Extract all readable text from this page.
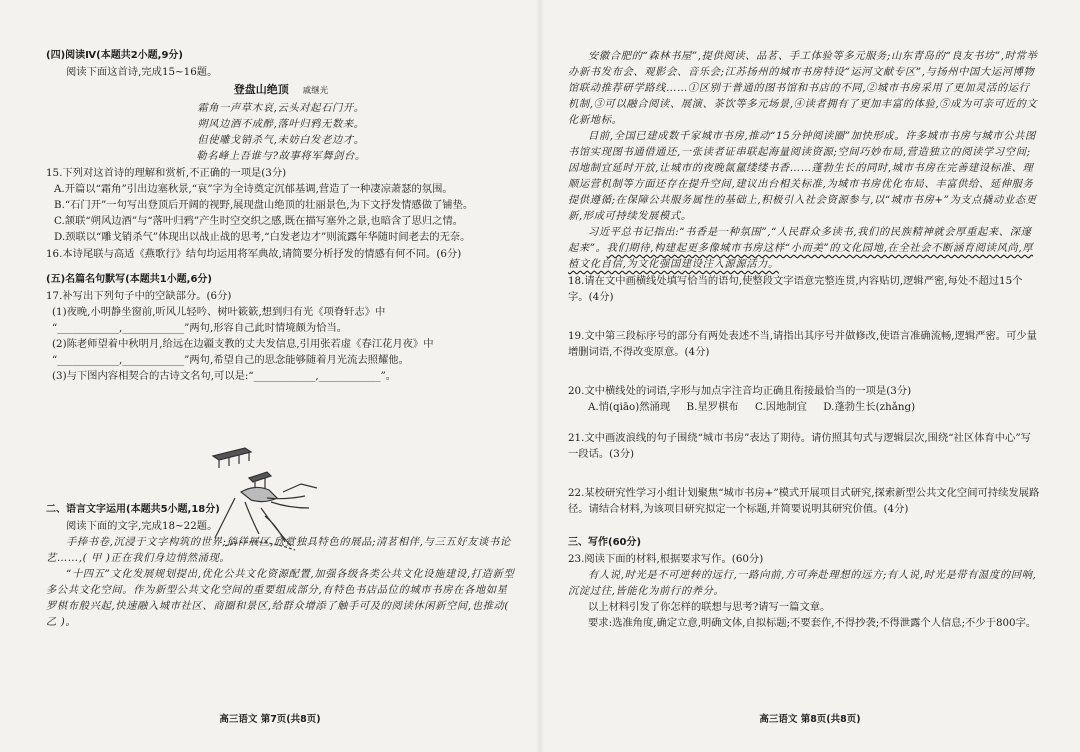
(四)阅读Ⅳ(本题共2小题,9分)

阅读下面这首诗,完成15~16题。

登盘山绝顶 戚继光
霜角一声草木哀,云头对起石门开。
朔风边酒不成醉,落叶归鸦无数来。
但使雕戈销杀气,未妨白发老边才。
勒名峰上吾谁与?故事将军舞剑台。

15.下列对这首诗的理解和赏析,不正确的一项是(3分)

A.开篇以“霜角”引出边塞秋景,“哀”字为全诗奠定沉郁基调,营造了一种凄凉萧瑟的氛围。

B.“石门开”一句写出登顶后开阔的视野,展现盘山绝顶的壮丽景色,为下文抒发情感做了铺垫。

C.颔联“朔风边酒”与“落叶归鸦”产生时空交织之感,既在描写塞外之景,也暗含了思归之情。

D.颈联以“雕戈销杀气”体现出以战止战的思考,“白发老边才”则流露年华随时间老去的无奈。

16.本诗尾联与高适《燕歌行》结句均运用将军典故,请简要分析抒发的情感有何不同。(6分)

(五)名篇名句默写(本题共1小题,6分)

17.补写出下列句子中的空缺部分。(6分)

(1)夜晚,小明静坐窗前,听风儿轻吟、树叶簌簌,想到归有光《项脊轩志》中

“____________,____________”两句,形容自己此时情境颇为恰当。

(2)陈老师望着中秋明月,给远在边疆支教的丈夫发信息,引用张若虚《春江花月夜》中

“____________,____________”两句,希望自己的思念能够随着月光流去照耀他。

(3)与下图内容相契合的古诗文名句,可以是:“____________,____________”。

二、语言文字运用(本题共5小题,18分)

阅读下面的文字,完成18~22题。

手捧书卷,沉浸于文字构筑的世界;徜徉展区,欣赏独具特色的展品;清茗相伴,与三五好友谈书论艺……,( 甲 )正在我们身边悄然涌现。

“十四五”文化发展规划提出,优化公共文化资源配置,加强各级各类公共文化设施建设,打造新型多公共文化空间。作为新型公共文化空间的重要组成部分,有特色书店品位的城市书房在各地如星罗棋布般兴起,快速融入城市社区、商圈和景区,给群众增添了触手可及的阅读休闲新空间,也推动( 乙 )。

高三语文 第7页(共8页)

安徽合肥的“森林书屋”,提供阅读、品茗、手工体验等多元服务;山东青岛的“良友书坊”,时常举办新书发布会、观影会、音乐会;江苏扬州的城市书房特设“运河文献专区”,与扬州中国大运河博物馆联动推荐研学路线……①区别于普通的图书馆和书店的不同,②城市书房采用了更加灵活的运行机制,③可以融合阅读、展演、茶饮等多元场景,④读者拥有了更加丰富的体验,⑤成为可亲可近的文化新地标。

目前,全国已建成数千家城市书房,推动“15分钟阅读圈”加快形成。许多城市书房与城市公共图书馆实现图书通借通还,一张读者证串联起海量阅读资源;空间巧妙布局,营造独立的阅读学习空间;因地制宜延时开放,让城市的夜晚氤氲缕缕书香……蓬勃生长的同时,城市书房在完善建设标准、理顺运营机制等方面还存在提升空间,建议出台相关标准,为城市书房优化布局、丰富供给、延伸服务提供遵循;在保障公共服务属性的基础上,积极引入社会资源参与,以“城市书房+”为支点撬动业态更新,形成可持续发展模式。

习近平总书记指出:“书香是一种氛围”,“人民群众多读书,我们的民族精神就会厚重起来、深邃起来”。我们期待,构建起更多像城市书房这样“小而美”的文化园地,在全社会不断涵育阅读风尚,厚植文化自信,为文化强国建设注入源源活力。

18.请在文中画横线处填写恰当的语句,使整段文字语意完整连贯,内容贴切,逻辑严密,每处不超过15个字。(4分)

19.文中第三段标序号的部分有两处表述不当,请指出其序号并做修改,使语言准确流畅,逻辑严密。可少量增删词语,不得改变原意。(4分)

20.文中横线处的词语,字形与加点字注音均正确且衔接最恰当的一项是(3分)

A.悄(qiāo)然涌现 B.星罗棋布 C.因地制宜 D.蓬勃生长(zhǎng)

21.文中画波浪线的句子围绕“城市书房”表达了期待。请仿照其句式与逻辑层次,围绕“社区体育中心”写一段话。(3分)

22.某校研究性学习小组计划聚焦“城市书房+”模式开展项目式研究,探索新型公共文化空间可持续发展路径。请结合材料,为该项目研究拟定一个标题,并简要说明其研究价值。(4分)

三、写作(60分)

23.阅读下面的材料,根据要求写作。(60分)

有人说,时光是不可逆转的远行,一路向前,方可奔赴理想的远方;有人说,时光是带有温度的回响,沉淀过往,皆能化为前行的养分。

以上材料引发了你怎样的联想与思考?请写一篇文章。

要求:选准角度,确定立意,明确文体,自拟标题;不要套作,不得抄袭;不得泄露个人信息;不少于800字。

高三语文 第8页(共8页)
